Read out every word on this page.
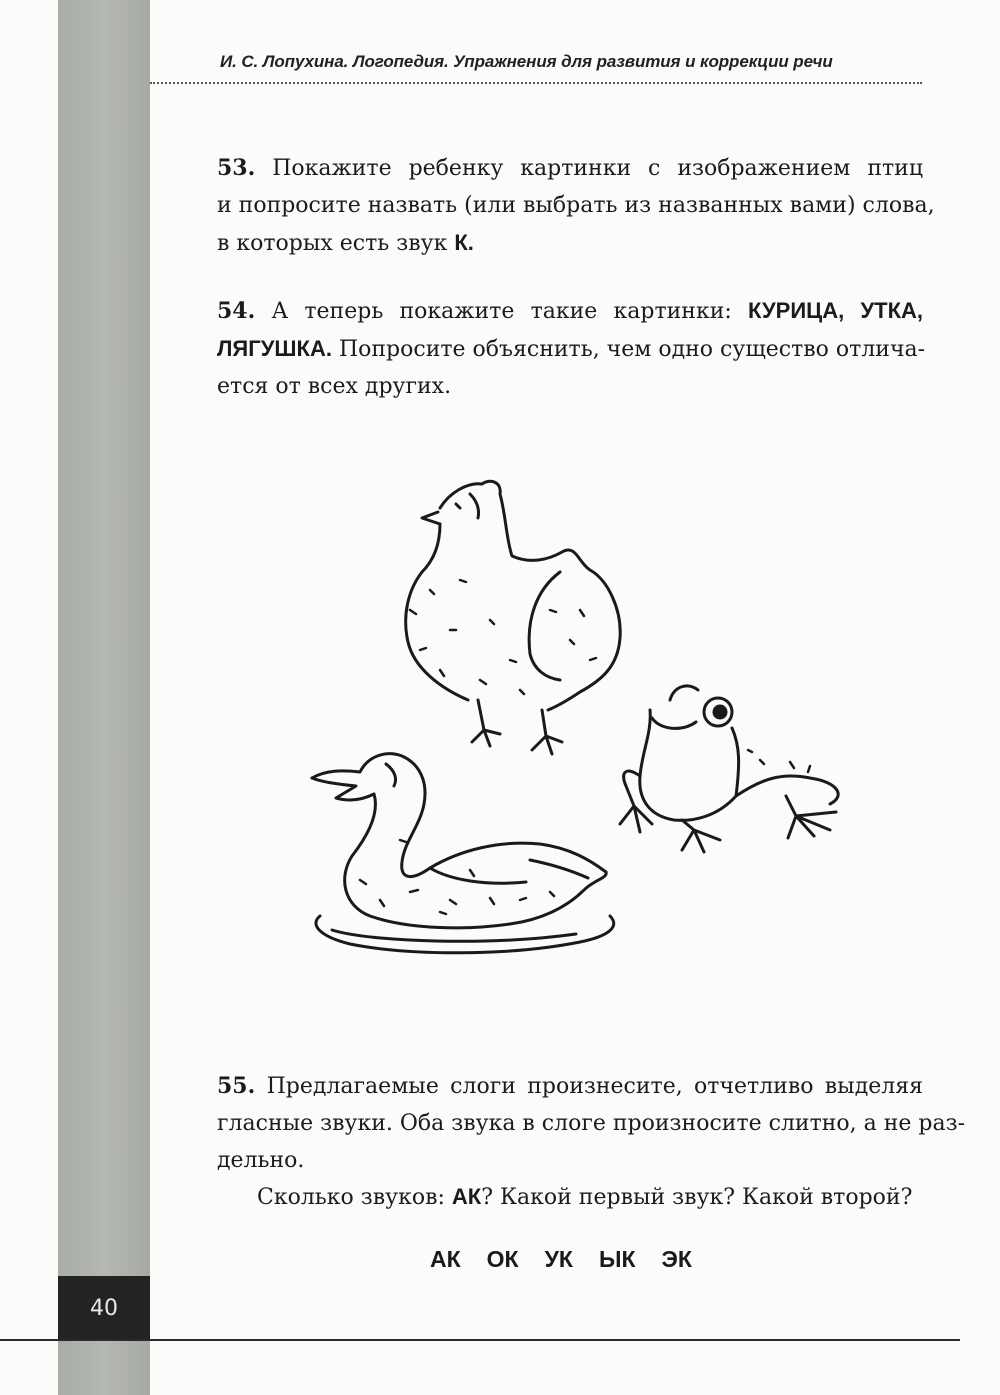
И. С. Лопухина. Логопедия. Упражнения для развития и коррекции речи
53. Покажите ребенку картинки с изображением птиц
и попросите назвать (или выбрать из названных вами) слова,
в которых есть звук К.
54. А теперь покажите такие картинки: КУРИЦА, УТКА,
ЛЯГУШКА. Попросите объяснить, чем одно существо отлича-
ется от всех других.
55. Предлагаемые слоги произнесите, отчетливо выделяя
гласные звуки. Оба звука в слоге произносите слитно, а не раз-
дельно.
Сколько звуков: АК? Какой первый звук? Какой второй?
АК ОК УК ЫК ЭК
40
